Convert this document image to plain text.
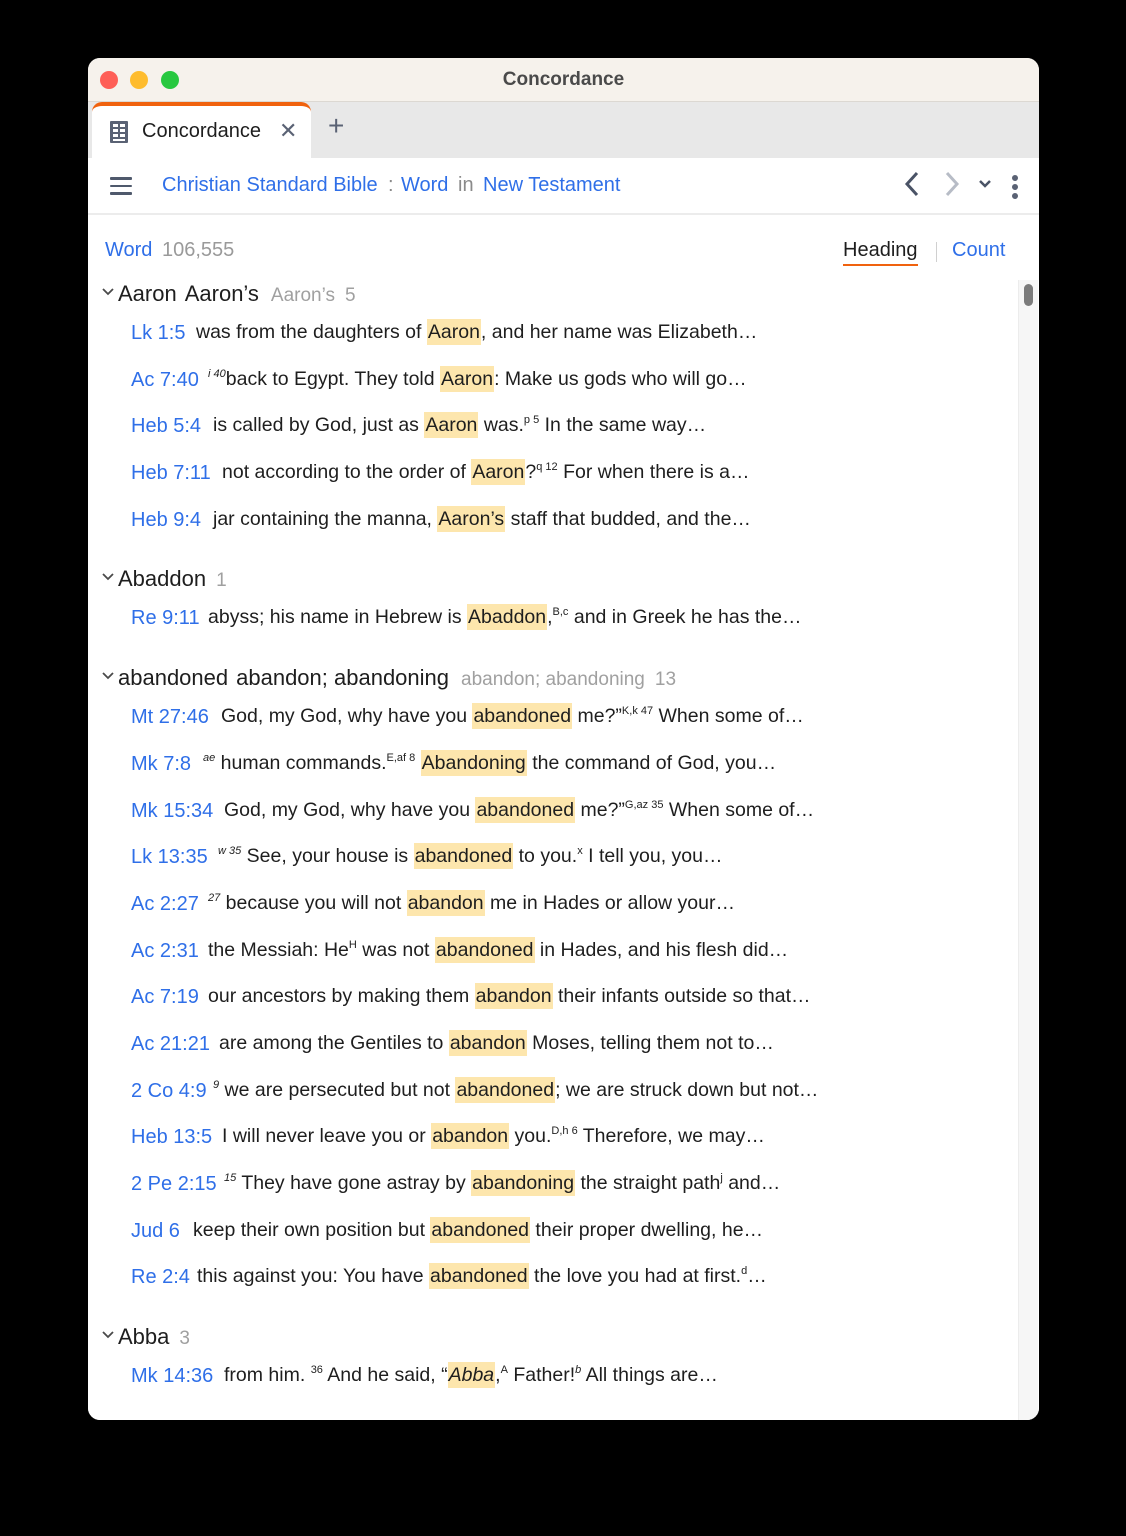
Concordance
Concordance ✕ +
Christian Standard Bible : Word in New Testament
Word 106,555	Heading Count
Aaron Aaron’s Aaron’s 5
Lk 1:5 was from the daughters of Aaron, and her name was Elizabeth…
Ac 7:40 $^{i 40}$back to Egypt. They told Aaron: Make us gods who will go…
Heb 5:4 is called by God, just as Aaron was.$^{p 5}$ In the same way…
Heb 7:11 not according to the order of Aaron?$^{q 12}$ For when there is a…
Heb 9:4 jar containing the manna, Aaron’s staff that budded, and the…
Abaddon 1
Re 9:11 abyss; his name in Hebrew is Abaddon,$^{B,c}$ and in Greek he has the…
abandoned abandon; abandoning abandon; abandoning 13
Mt 27:46 God, my God, why have you abandoned me?”$^{K,k 47}$ When some of…
Mk 7:8 $^{ae}$ human commands.$^{E,af 8}$ Abandoning the command of God, you…
Mk 15:34 God, my God, why have you abandoned me?”$^{G,az 35}$ When some of…
Lk 13:35 $^{w 35}$ See, your house is abandoned to you.$^x$ I tell you, you…
Ac 2:27 $^{27}$ because you will not abandon me in Hades or allow your…
Ac 2:31 the Messiah: $He^H$ was not abandoned in Hades, and his flesh did…
Ac 7:19 our ancestors by making them abandon their infants outside so that…
Ac 21:21 are among the Gentiles to abandon Moses, telling them not to…
2 Co 4:9 $^9$ we are persecuted but not abandoned; we are struck down but not…
Heb 13:5 I will never leave you or abandon you.$^{D,h 6}$ Therefore, we may…
2 Pe 2:15 $^{15}$ They have gone astray by abandoning the straight path$^j$ and…
Jud 6 keep their own position but abandoned their proper dwelling, he…
Re 2:4 this against you: You have abandoned the love you had at first.$^d$…
Abba 3
Mk 14:36 from him. $^{36}$ And he said, “Abba,$^A$ Father!$^b$ All things are…
